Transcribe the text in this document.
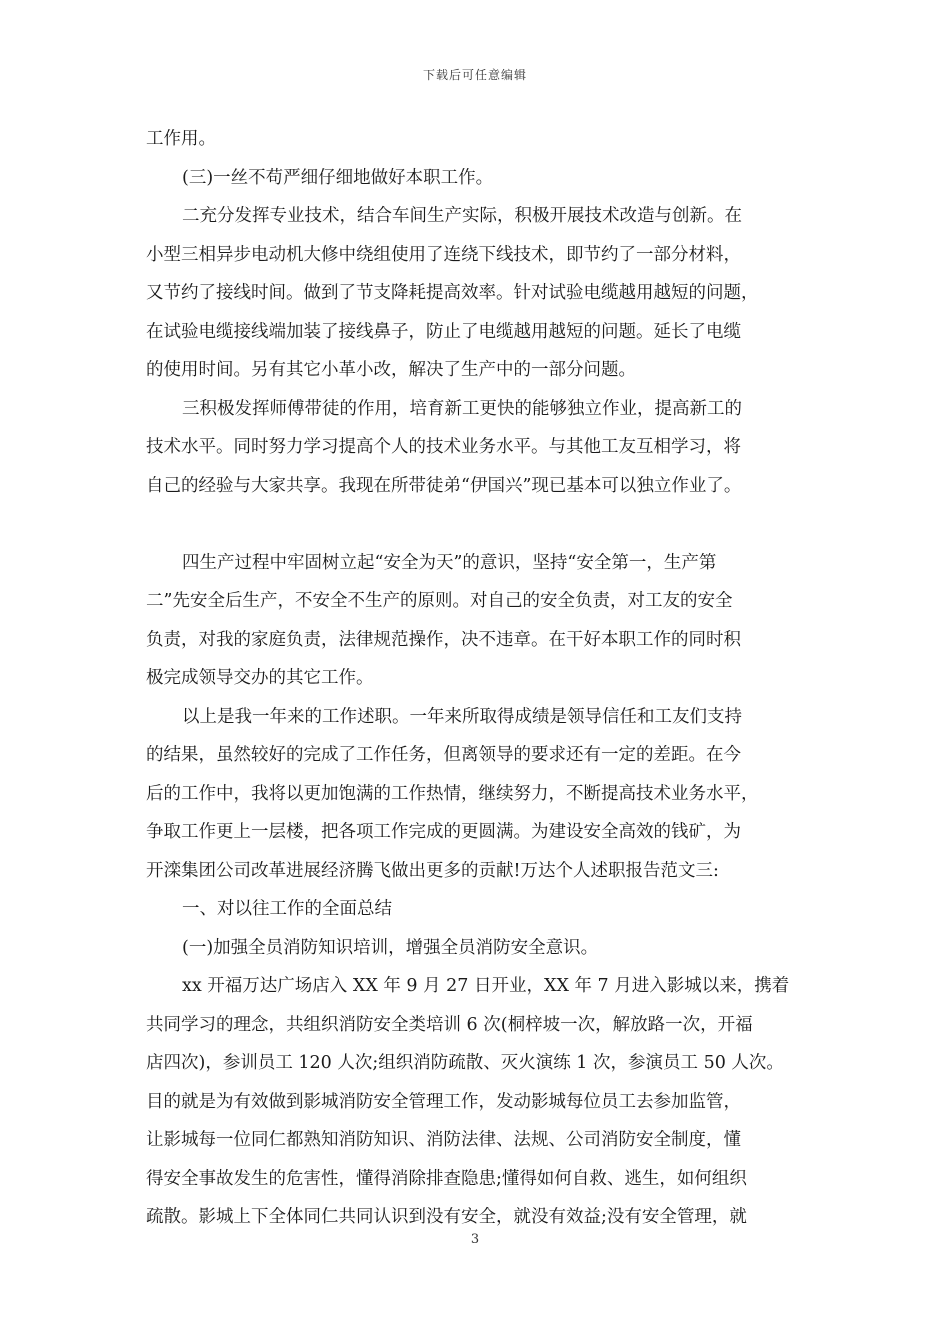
下载后可任意编辑
工作用。
(三)一丝不苟严细仔细地做好本职工作。
二充分发挥专业技术，结合车间生产实际，积极开展技术改造与创新。在
小型三相异步电动机大修中绕组使用了连绕下线技术，即节约了一部分材料，
又节约了接线时间。做到了节支降耗提高效率。针对试验电缆越用越短的问题，
在试验电缆接线端加装了接线鼻子，防止了电缆越用越短的问题。延长了电缆
的使用时间。另有其它小革小改，解决了生产中的一部分问题。
三积极发挥师傅带徒的作用，培育新工更快的能够独立作业，提高新工的
技术水平。同时努力学习提高个人的技术业务水平。与其他工友互相学习，将
自己的经验与大家共享。我现在所带徒弟“伊国兴”现已基本可以独立作业了。
四生产过程中牢固树立起“安全为天”的意识，坚持“安全第一，生产第
二”先安全后生产，不安全不生产的原则。对自己的安全负责，对工友的安全
负责，对我的家庭负责，法律规范操作，决不违章。在干好本职工作的同时积
极完成领导交办的其它工作。
以上是我一年来的工作述职。一年来所取得成绩是领导信任和工友们支持
的结果，虽然较好的完成了工作任务，但离领导的要求还有一定的差距。在今
后的工作中，我将以更加饱满的工作热情，继续努力，不断提高技术业务水平，
争取工作更上一层楼，把各项工作完成的更圆满。为建设安全高效的钱矿，为
开滦集团公司改革进展经济腾飞做出更多的贡献!万达个人述职报告范文三:
一、对以往工作的全面总结
(一)加强全员消防知识培训，增强全员消防安全意识。
xx 开福万达广场店入 XX 年 9 月 27 日开业，XX 年 7 月进入影城以来，携着
共同学习的理念，共组织消防安全类培训 6 次(桐梓坡一次，解放路一次，开福
店四次)，参训员工 120 人次;组织消防疏散、灭火演练 1 次，参演员工 50 人次。
目的就是为有效做到影城消防安全管理工作，发动影城每位员工去参加监管，
让影城每一位同仁都熟知消防知识、消防法律、法规、公司消防安全制度，懂
得安全事故发生的危害性，懂得消除排查隐患;懂得如何自救、逃生，如何组织
疏散。影城上下全体同仁共同认识到没有安全，就没有效益;没有安全管理，就
3
